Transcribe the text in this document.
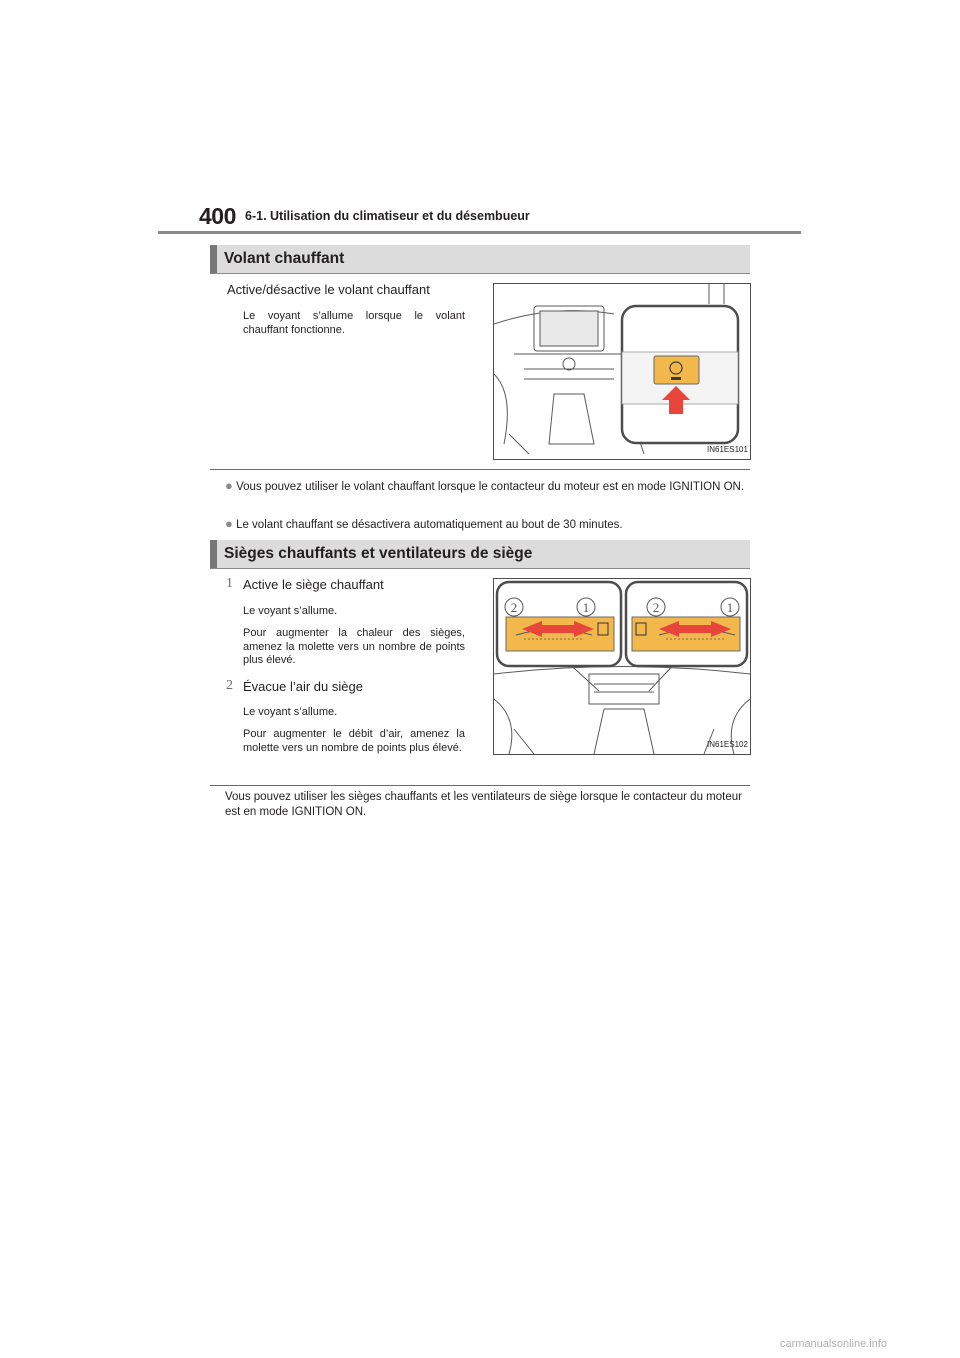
400 6-1. Utilisation du climatiseur et du désembueur
Volant chauffant
Active/désactive le volant chauffant
Le voyant s’allume lorsque le volant chauffant fonctionne.
IN61ES101
● Vous pouvez utiliser le volant chauffant lorsque le contacteur du moteur est en mode IGNITION ON.
● Le volant chauffant se désactivera automatiquement au bout de 30 minutes.
Sièges chauffants et ventilateurs de siège
1 Active le siège chauffant
Le voyant s’allume.
Pour augmenter la chaleur des sièges, amenez la molette vers un nombre de points plus élevé.
2 Évacue l’air du siège
Le voyant s’allume.
Pour augmenter le débit d’air, amenez la molette vers un nombre de points plus élevé.
2	1	2	1
IN61ES102
Vous pouvez utiliser les sièges chauffants et les ventilateurs de siège lorsque le contacteur du moteur est en mode IGNITION ON.
carmanualsonline.info
